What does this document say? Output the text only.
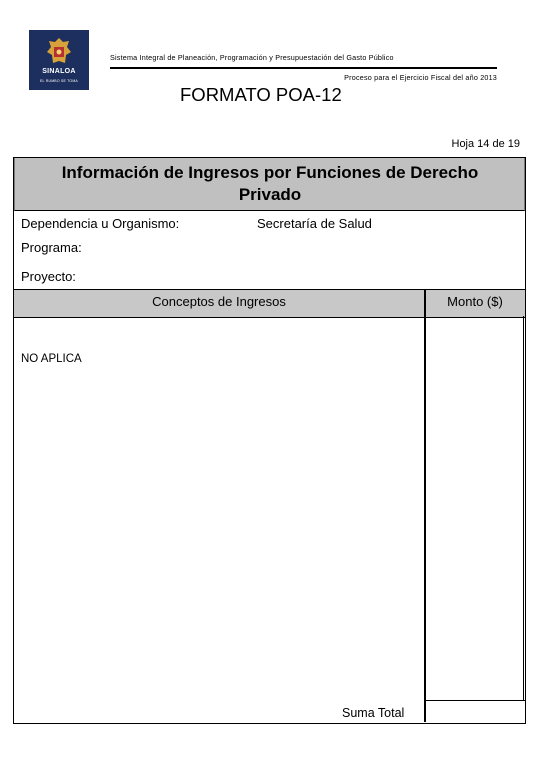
SINALOA
EL RUMBO SE TOMA
Sistema Integral de Planeación, Programación y Presupuestación del Gasto Público
Proceso para el Ejercicio Fiscal del año 2013
FORMATO POA-12
Hoja 14 de 19
Información de Ingresos por Funciones de Derecho Privado
Dependencia u Organismo:	Secretaría de Salud
Programa:
Proyecto:
Conceptos de Ingresos	Monto ($)
NO APLICA
Suma Total
